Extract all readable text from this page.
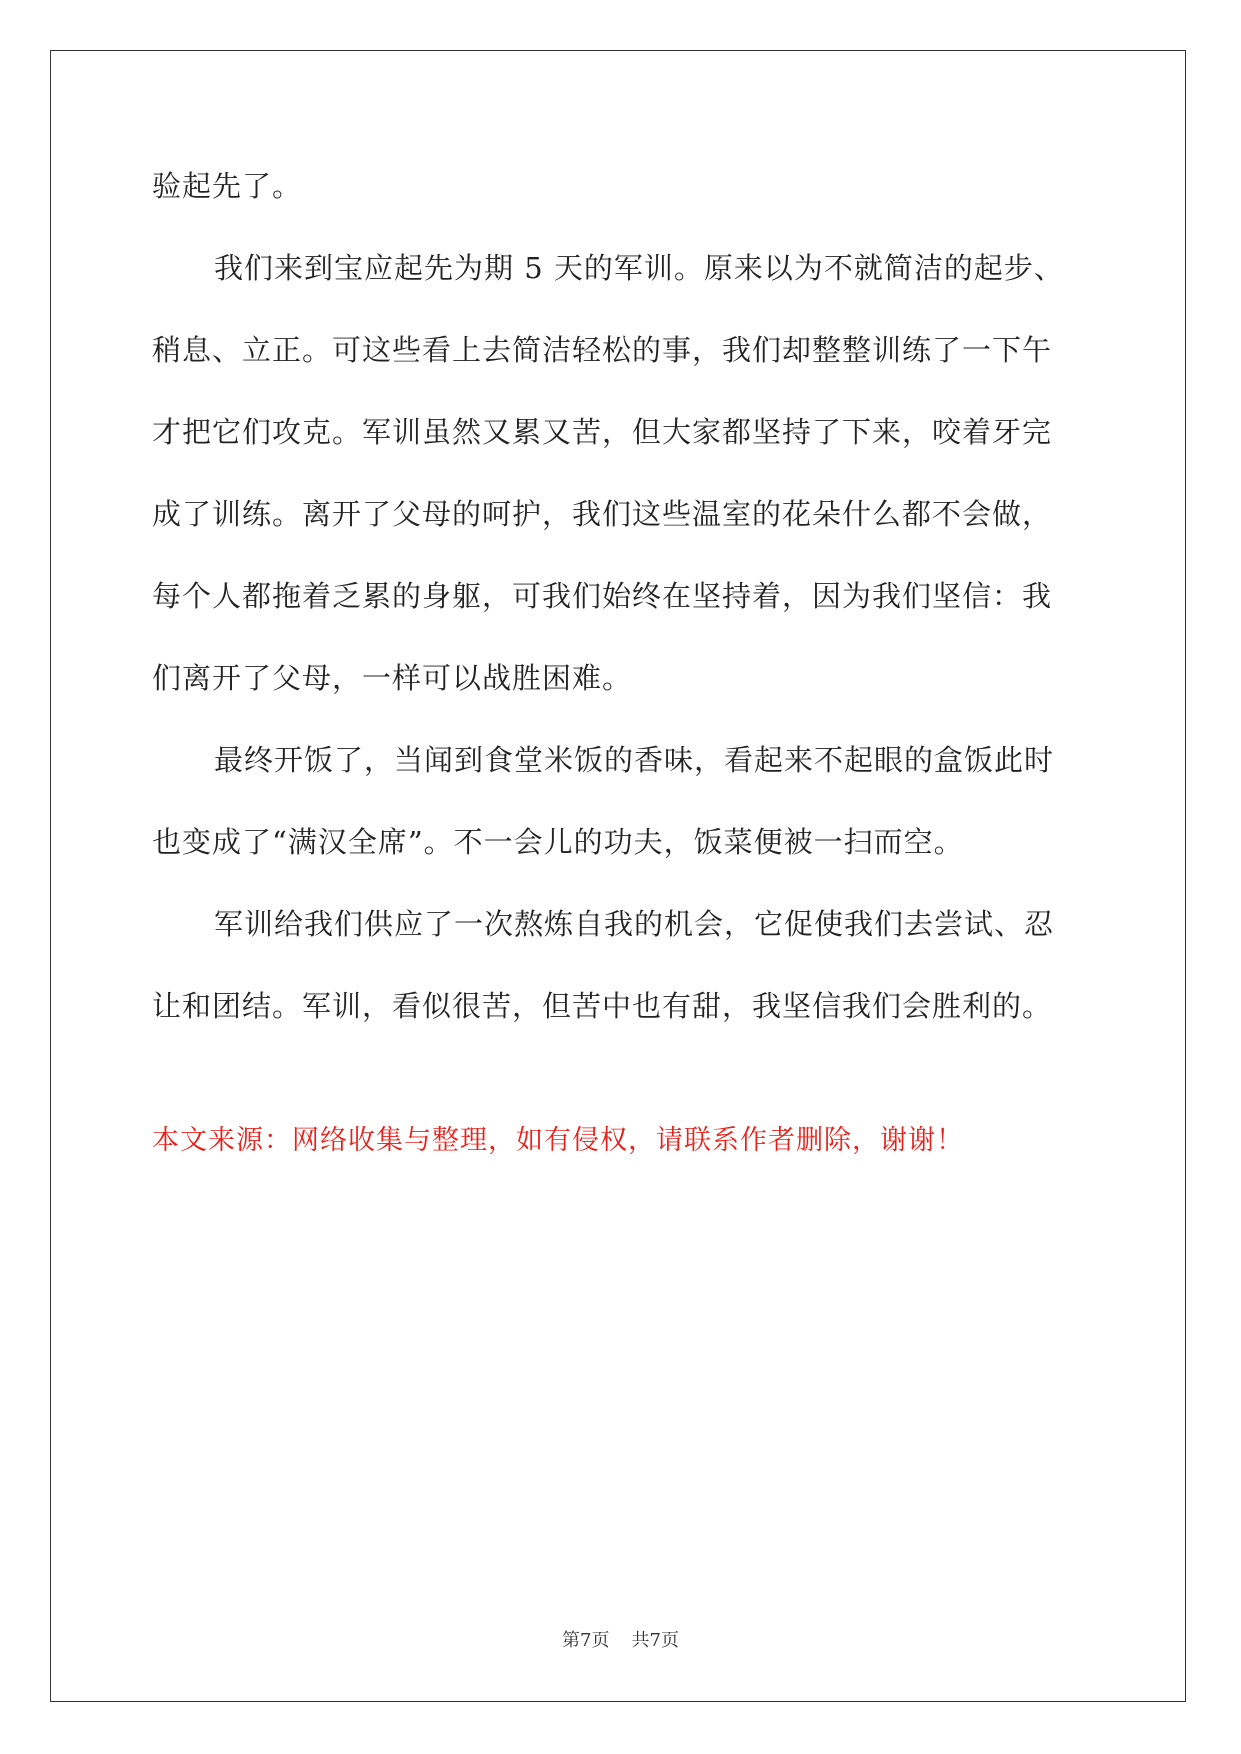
验起先了。
我们来到宝应起先为期 5 天的军训。原来以为不就简洁的起步、
稍息、立正。可这些看上去简洁轻松的事，我们却整整训练了一下午
才把它们攻克。军训虽然又累又苦，但大家都坚持了下来，咬着牙完
成了训练。离开了父母的呵护，我们这些温室的花朵什么都不会做，
每个人都拖着乏累的身躯，可我们始终在坚持着，因为我们坚信：我
们离开了父母，一样可以战胜困难。
最终开饭了，当闻到食堂米饭的香味，看起来不起眼的盒饭此时
也变成了“满汉全席”。不一会儿的功夫，饭菜便被一扫而空。
军训给我们供应了一次熬炼自我的机会，它促使我们去尝试、忍
让和团结。军训，看似很苦，但苦中也有甜，我坚信我们会胜利的。
本文来源：网络收集与整理，如有侵权，请联系作者删除，谢谢！
第7页 共7页
